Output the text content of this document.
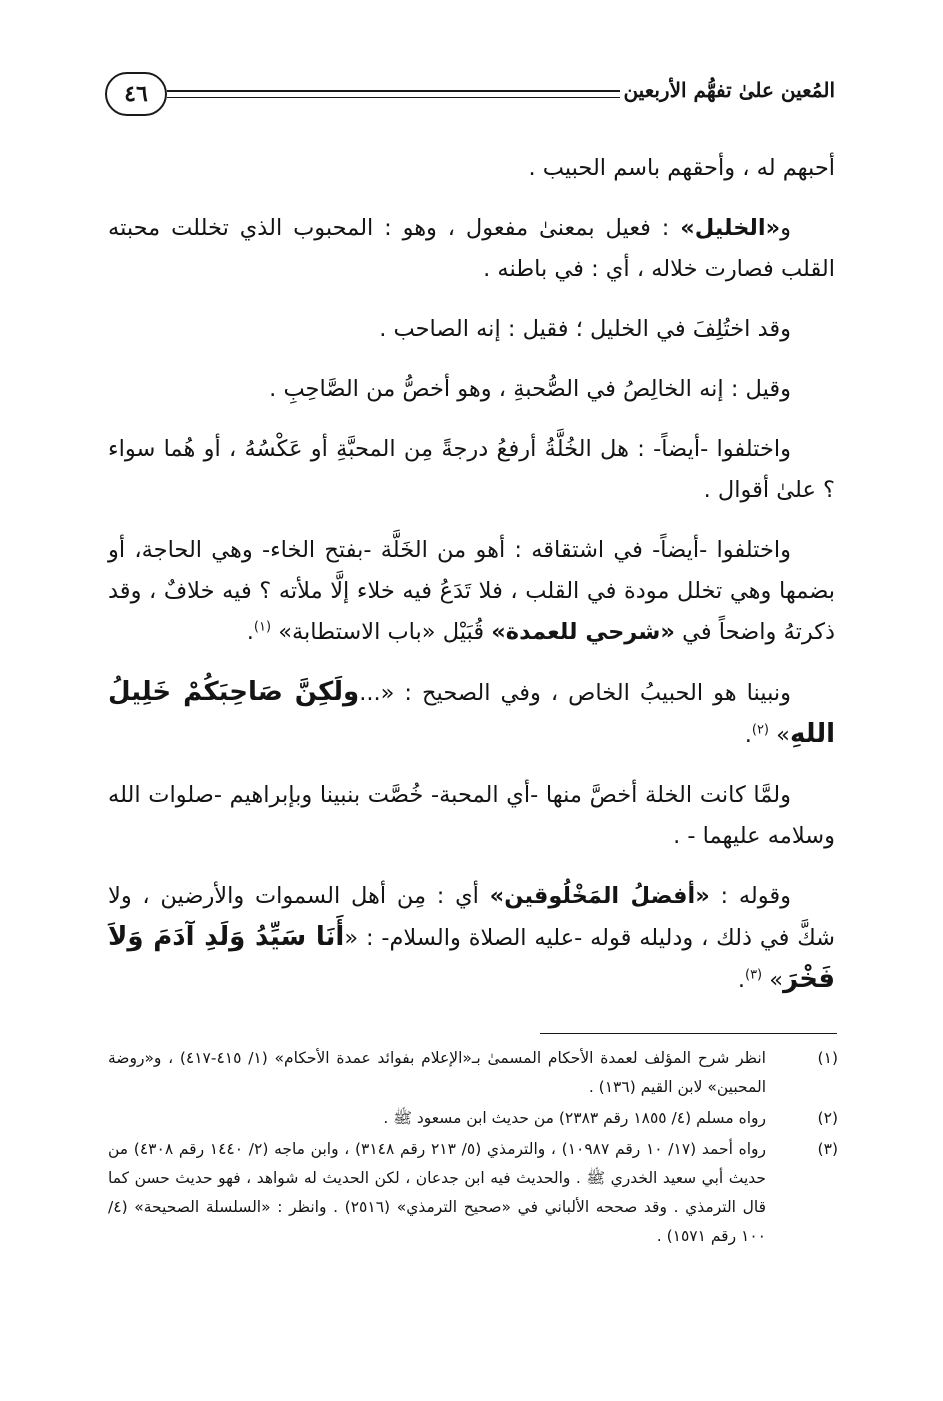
٤٦	المُعين علىٰ تفهُّم الأربعين

أحبهم له ، وأحقهم باسم الحبيب .

و«الخليل» : فعيل بمعنىٰ مفعول ، وهو : المحبوب الذي تخللت محبته القلب فصارت خلاله ، أي : في باطنه .

وقد اختُلِفَ في الخليل ؛ فقيل : إنه الصاحب .

وقيل : إنه الخالِصُ في الصُّحبةِ ، وهو أخصُّ من الصَّاحِبِ .

واختلفوا -أيضاً- : هل الخُلَّةُ أرفعُ درجةً مِن المحبَّةِ أو عَكْسُهُ ، أو هُما سواء ؟ علىٰ أقوال .

واختلفوا -أيضاً- في اشتقاقه : أهو من الخَلَّة -بفتح الخاء- وهي الحاجة، أو بضمها وهي تخلل مودة في القلب ، فلا تَدَعُ فيه خلاء إلَّا ملأته ؟ فيه خلافٌ ، وقد ذكرتهُ واضحاً في «شرحي للعمدة» قُبَيْل «باب الاستطابة» $^{(١)}$.

ونبينا هو الحبيبُ الخاص ، وفي الصحيح : «...ولَكِنَّ صَاحِبَكُمْ خَلِيلُ اللهِ» $^{(٢)}$.

ولمَّا كانت الخلة أخصَّ منها -أي المحبة- خُصَّت بنبينا وبإبراهيم -صلوات الله وسلامه عليهما - .

وقوله : «أفضلُ المَخْلُوقين» أي : مِن أهل السموات والأرضين ، ولا شكَّ في ذلك ، ودليله قوله -عليه الصلاة والسلام- : «أَنَا سَيِّدُ وَلَدِ آدَمَ وَلاَ فَخْرَ» $^{(٣)}$.

(١)
انظر شرح المؤلف لعمدة الأحكام المسمىٰ بـ«الإعلام بفوائد عمدة الأحكام» (١/ ٤١٥-٤١٧) ، و«روضة المحبين» لابن القيم (١٣٦) .
(٢)
رواه مسلم (٤/ ١٨٥٥ رقم ٢٣٨٣) من حديث ابن مسعود ﷺ .
(٣)
رواه أحمد (١٧/ ١٠ رقم ١٠٩٨٧) ، والترمذي (٥/ ٢١٣ رقم ٣١٤٨) ، وابن ماجه (٢/ ١٤٤٠ رقم ٤٣٠٨) من حديث أبي سعيد الخدري ﷺ . والحديث فيه ابن جدعان ، لكن الحديث له شواهد ، فهو حديث حسن كما قال الترمذي . وقد صححه الألباني في «صحيح الترمذي» (٢٥١٦) . وانظر : «السلسلة الصحيحة» (٤/ ١٠٠ رقم ١٥٧١) .
